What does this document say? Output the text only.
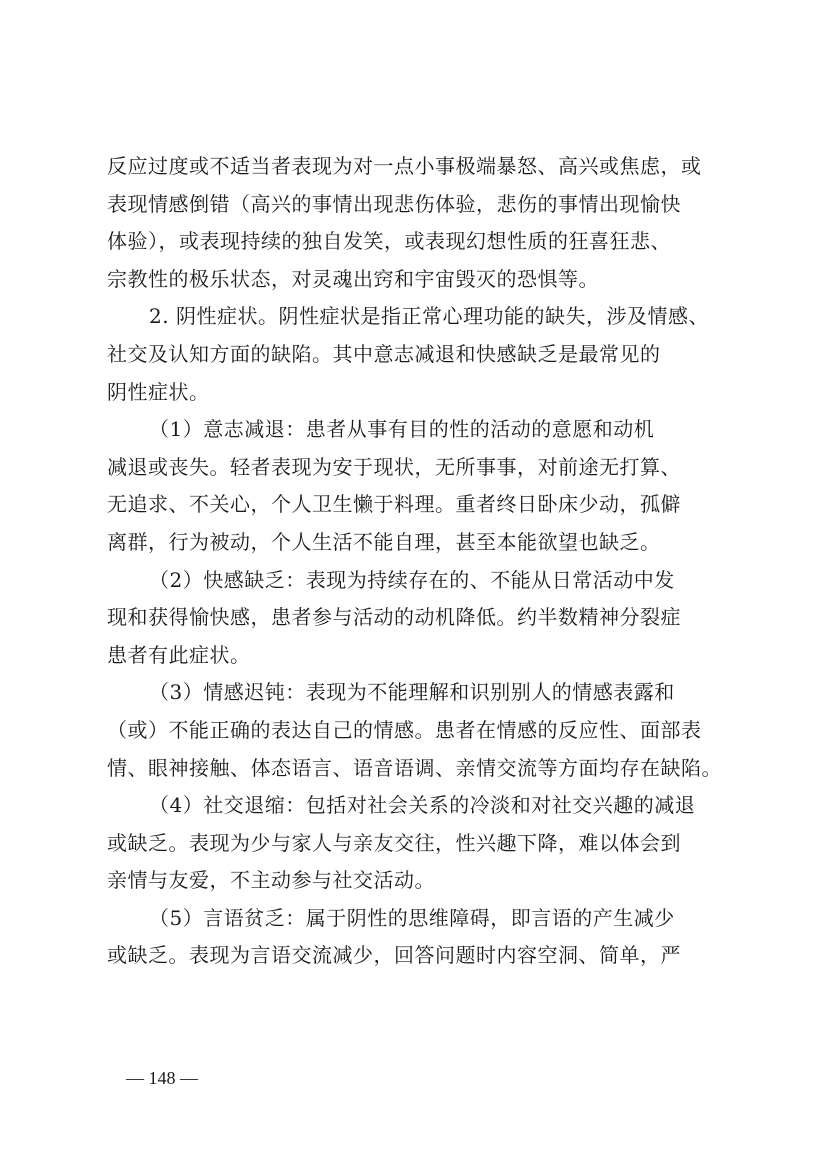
反应过度或不适当者表现为对一点小事极端暴怒、高兴或焦虑，或
表现情感倒错（高兴的事情出现悲伤体验，悲伤的事情出现愉快
体验），或表现持续的独自发笑，或表现幻想性质的狂喜狂悲、
宗教性的极乐状态，对灵魂出窍和宇宙毁灭的恐惧等。
2. 阴性症状。阴性症状是指正常心理功能的缺失，涉及情感、
社交及认知方面的缺陷。其中意志减退和快感缺乏是最常见的
阴性症状。
（1）意志减退：患者从事有目的性的活动的意愿和动机
减退或丧失。轻者表现为安于现状，无所事事，对前途无打算、
无追求、不关心，个人卫生懒于料理。重者终日卧床少动，孤僻
离群，行为被动，个人生活不能自理，甚至本能欲望也缺乏。
（2）快感缺乏：表现为持续存在的、不能从日常活动中发
现和获得愉快感，患者参与活动的动机降低。约半数精神分裂症
患者有此症状。
（3）情感迟钝：表现为不能理解和识别别人的情感表露和
（或）不能正确的表达自己的情感。患者在情感的反应性、面部表
情、眼神接触、体态语言、语音语调、亲情交流等方面均存在缺陷。
（4）社交退缩：包括对社会关系的冷淡和对社交兴趣的减退
或缺乏。表现为少与家人与亲友交往，性兴趣下降，难以体会到
亲情与友爱，不主动参与社交活动。
（5）言语贫乏：属于阴性的思维障碍，即言语的产生减少
或缺乏。表现为言语交流减少，回答问题时内容空洞、简单，严
— 148 —
